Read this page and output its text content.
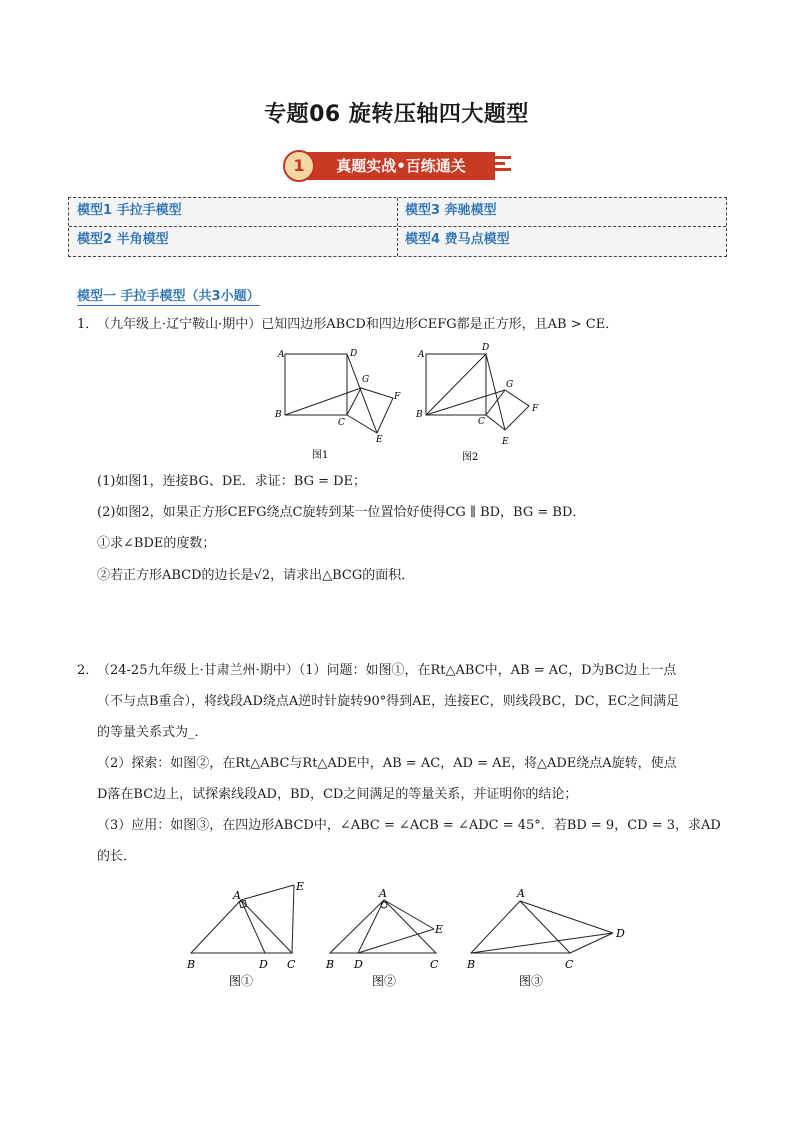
专题06 旋转压轴四大题型
真题实战•百练通关
1
模型1 手拉手模型	模型3 奔驰模型
模型2 半角模型	模型4 费马点模型
模型一 手拉手模型（共3小题）
1．
（九年级上·辽宁鞍山·期中）已知四边形ABCD和四边形CEFG都是正方形，且AB > CE．
A	D
G
F
B
C
E
图1
A
D
G
F
B
C
E
图2
(1)如图1，连接BG、DE．求证：BG = DE；
(2)如图2，如果正方形CEFG绕点C旋转到某一位置恰好使得CG ∥ BD，BG = BD．
①求∠BDE的度数；
②若正方形ABCD的边长是√2，请求出△BCG的面积．
2．
（24-25九年级上·甘肃兰州·期中）（1）问题：如图①，在Rt△ABC中，AB = AC，D为BC边上一点
（不与点B重合），将线段AD绕点A逆时针旋转90°得到AE，连接EC，则线段BC，DC，EC之间满足
的等量关系式为_．
（2）探索：如图②，在Rt△ABC与Rt△ADE中，AB = AC，AD = AE，将△ADE绕点A旋转，使点
D落在BC边上，试探索线段AD，BD，CD之间满足的等量关系，并证明你的结论；
（3）应用：如图③，在四边形ABCD中，∠ABC = ∠ACB = ∠ADC = 45°．若BD = 9，CD = 3，求AD
的长．
A
E
B	D C
图①
A
E
B D	C
图②
A
D
B	C
图③
